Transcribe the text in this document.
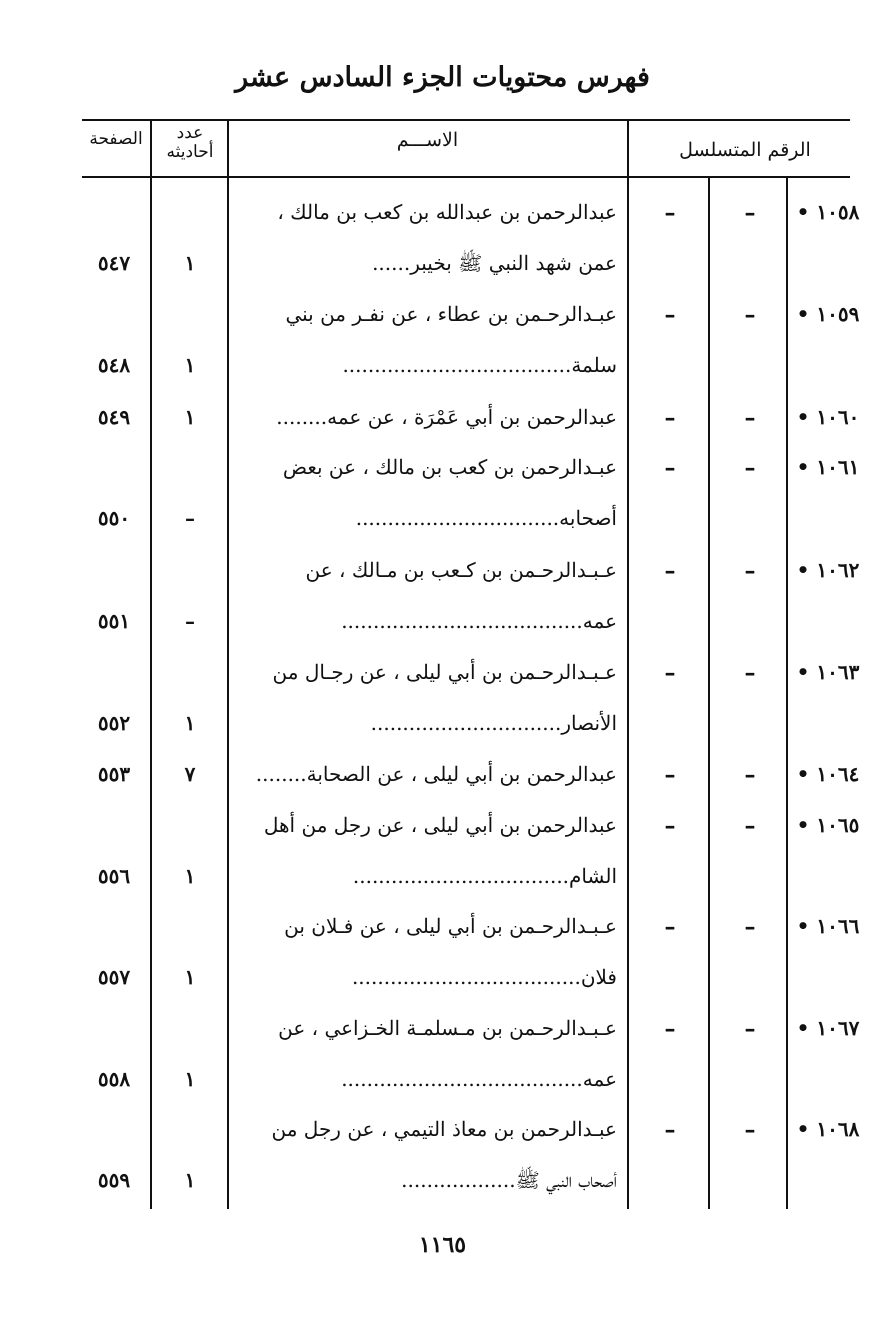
فهرس محتويات الجزء السادس عشر
الرقم المتسلسل
الاســـم
عدد أحاديثه
الصفحة
١٠٥٨ •
–
–
عبدالرحمن بن عبدالله بن كعب بن مالك ،
عمن شهد النبي ﷺ بخيبر......
١
٥٤٧
١٠٥٩ •
–
–
عبـدالرحـمن بن عطاء ، عن نفـر من بني
سلمة....................................
١
٥٤٨
١٠٦٠ •
–
–
عبدالرحمن بن أبي عَمْرَة ، عن عمه........
١
٥٤٩
١٠٦١ •
–
–
عبـدالرحمن بن كعب بن مالك ، عن بعض
أصحابه................................
–
٥٥٠
١٠٦٢ •
–
–
عـبـدالرحـمن بن كـعب بن مـالك ، عن
عمه......................................
–
٥٥١
١٠٦٣ •
–
–
عـبـدالرحـمن بن أبي ليلى ، عن رجـال من
الأنصار..............................
١
٥٥٢
١٠٦٤ •
–
–
عبدالرحمن بن أبي ليلى ، عن الصحابة........
٧
٥٥٣
١٠٦٥ •
–
–
عبدالرحمن بن أبي ليلى ، عن رجل من أهل
الشام..................................
١
٥٥٦
١٠٦٦ •
–
–
عـبـدالرحـمن بن أبي ليلى ، عن فـلان بن
فلان....................................
١
٥٥٧
١٠٦٧ •
–
–
عـبـدالرحـمن بن مـسلمـة الخـزاعي ، عن
عمه......................................
١
٥٥٨
١٠٦٨ •
–
–
عبـدالرحمن بن معاذ التيمي ، عن رجل من
أصحاب النبي ﷺ..................
١
٥٥٩
١١٦٥
